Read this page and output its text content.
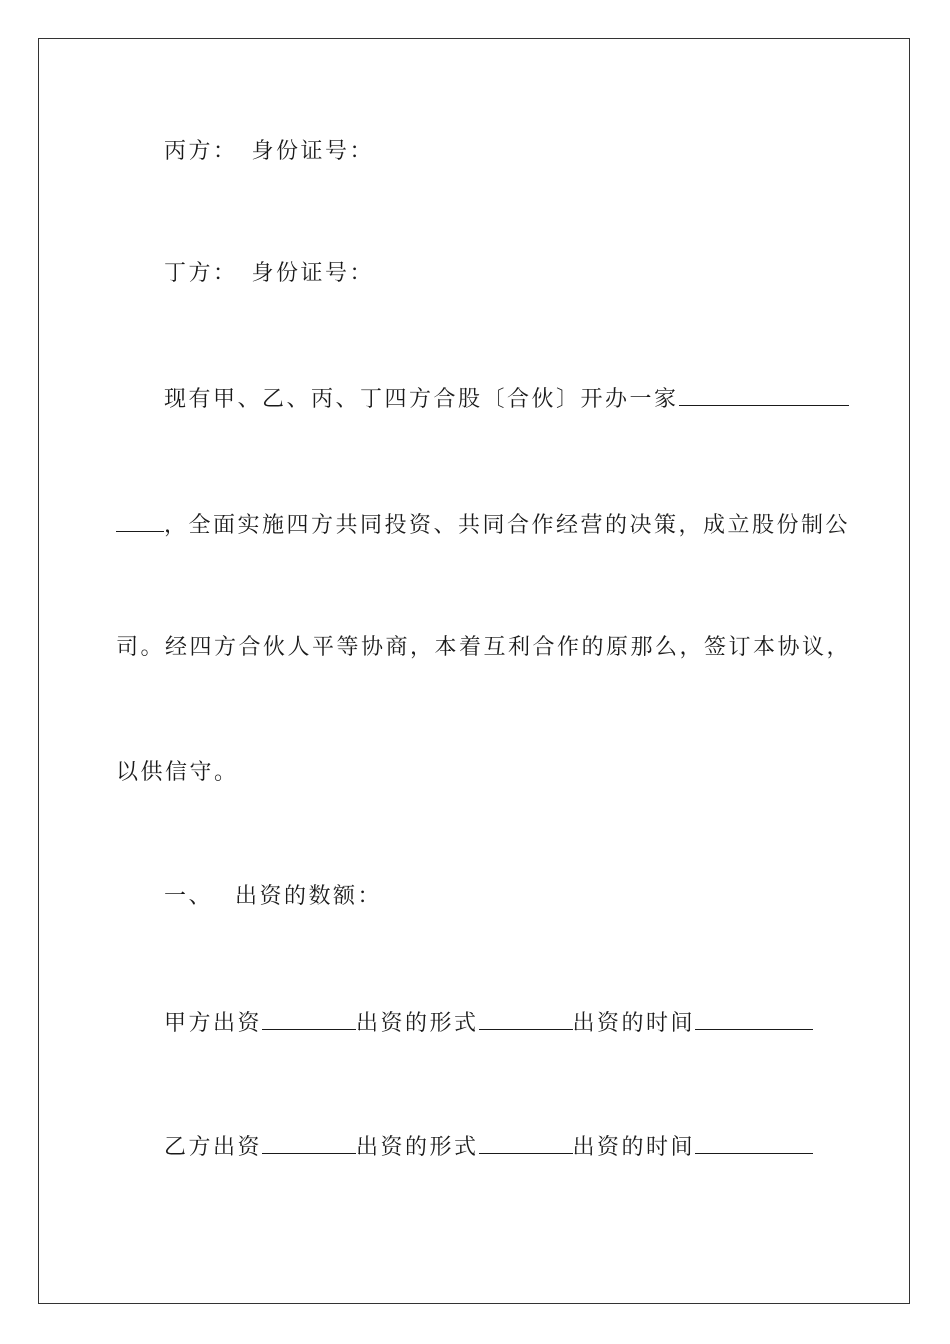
丙方： 身份证号：
丁方： 身份证号：
现有甲、乙、丙、丁四方合股〔合伙〕开办一家
，全面实施四方共同投资、共同合作经营的决策，成立股份制公
司。经四方合伙人平等协商，本着互利合作的原那么，签订本协议，
以供信守。
一、 出资的数额：
甲方出资	出资的形式	出资的时间
乙方出资	出资的形式	出资的时间
